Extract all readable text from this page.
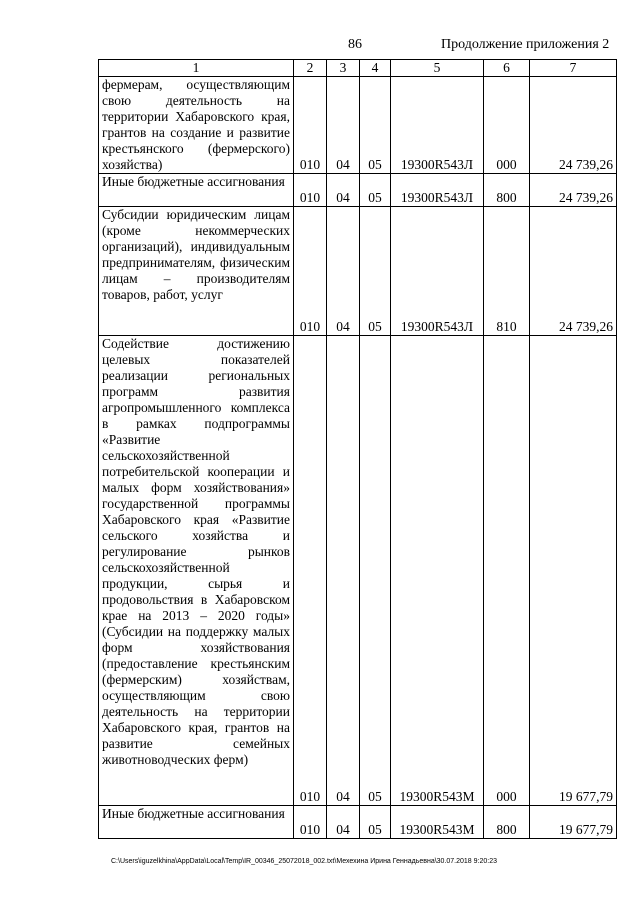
86	Продолжение приложения 2
1	2	3	4	5	6	7
фермерам, осуществляющим свою деятельность на территории Хабаровского края, грантов на создание и развитие крестьянского (фермерского) хозяйства)	010	04	05	19300R543Л	000	24 739,26
Иные бюджетные ассигнования	010	04	05	19300R543Л	800	24 739,26
Субсидии юридическим лицам (кроме некоммерческих организаций), индивидуальным предпринимателям, физическим лицам – производителям товаров, работ, услуг	010	04	05	19300R543Л	810	24 739,26
Содействие достижению целевых показателей реализации региональных программ развития агропромышленного комплекса в рамках подпрограммы «Развитие сельскохозяйственной потребительской кооперации и малых форм хозяйствования» государственной программы Хабаровского края «Развитие сельского хозяйства и регулирование рынков сельскохозяйственной продукции, сырья и продовольствия в Хабаровском крае на 2013 – 2020 годы» (Субсидии на поддержку малых форм хозяйствования (предоставление крестьянским (фермерским) хозяйствам, осуществляющим свою деятельность на территории Хабаровского края, грантов на развитие семейных животноводческих ферм)	010	04	05	19300R543М	000	19 677,79
Иные бюджетные ассигнования	010	04	05	19300R543М	800	19 677,79
C:\Users\iguzelkhina\AppData\Local\Temp\IR_00346_25072018_002.txt\Мехехина Ирина Геннадьевна\30.07.2018 9:20:23
